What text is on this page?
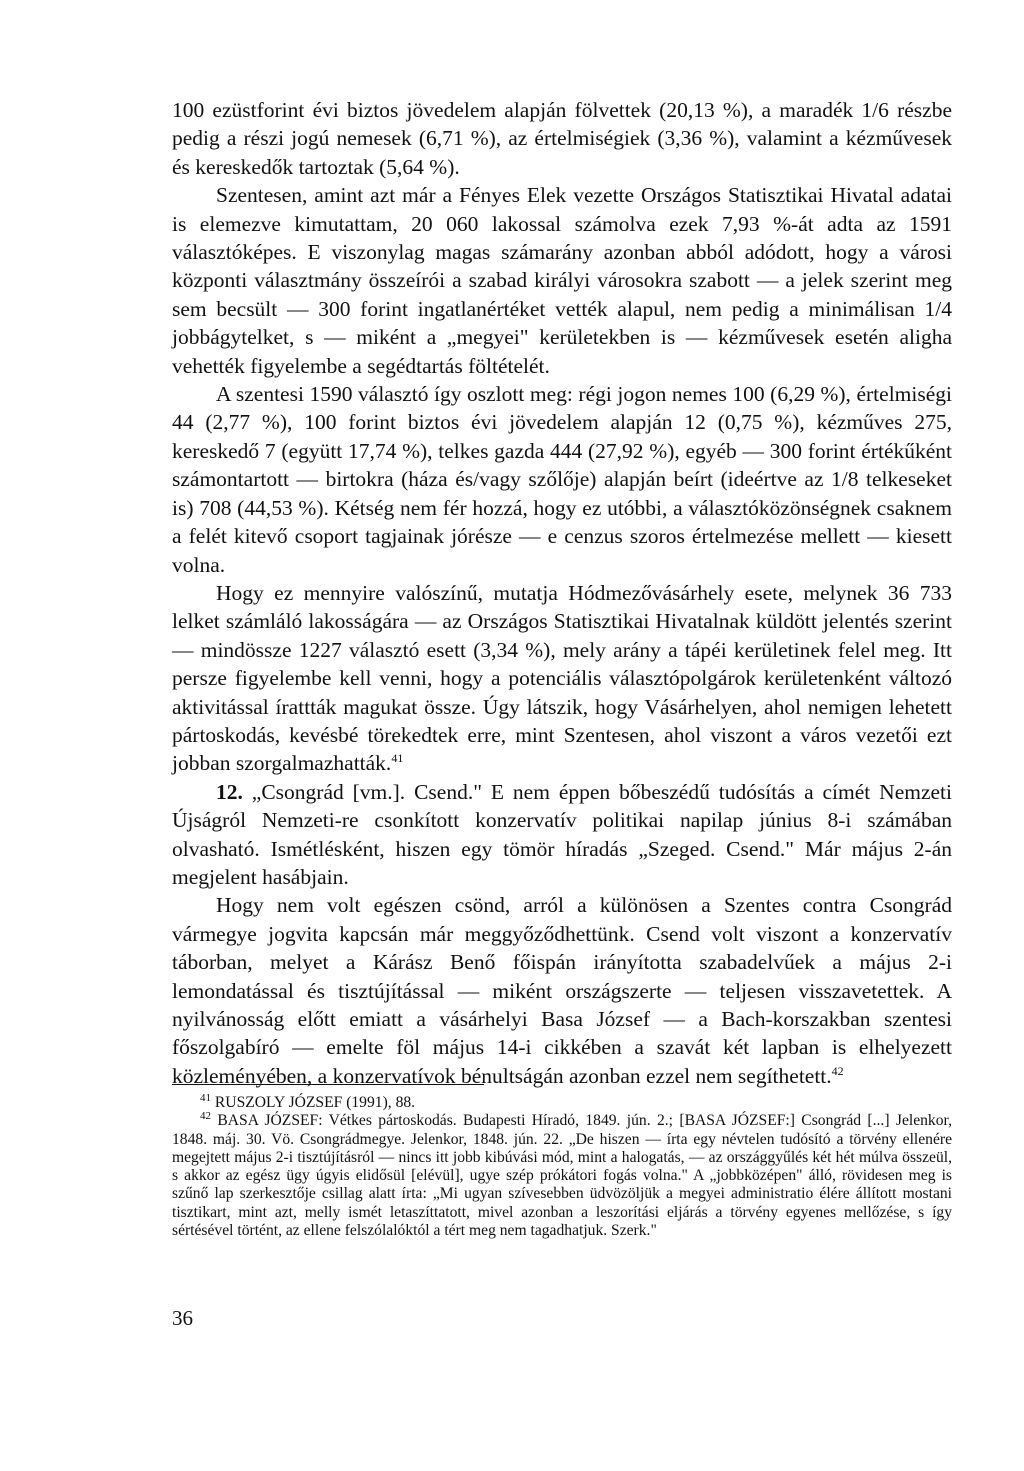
100 ezüstforint évi biztos jövedelem alapján fölvettek (20,13 %), a maradék 1/6 részbe pedig a részi jogú nemesek (6,71 %), az értelmiségiek (3,36 %), valamint a kézművesek és kereskedők tartoztak (5,64 %).

Szentesen, amint azt már a Fényes Elek vezette Országos Statisztikai Hivatal adatai is elemezve kimutattam, 20 060 lakossal számolva ezek 7,93 %-át adta az 1591 választóképes. E viszonylag magas számarány azonban abból adódott, hogy a városi központi választmány összeírói a szabad királyi városokra szabott — a jelek szerint meg sem becsült — 300 forint ingatlanértéket vették alapul, nem pedig a minimálisan 1/4 jobbágytelket, s — miként a „megyei" kerületekben is — kézművesek esetén aligha vehették figyelembe a segédtartás föltételét.

A szentesi 1590 választó így oszlott meg: régi jogon nemes 100 (6,29 %), értelmiségi 44 (2,77 %), 100 forint biztos évi jövedelem alapján 12 (0,75 %), kézműves 275, kereskedő 7 (együtt 17,74 %), telkes gazda 444 (27,92 %), egyéb — 300 forint értékűként számontartott — birtokra (háza és/vagy szőlője) alapján beírt (ideértve az 1/8 telkeseket is) 708 (44,53 %). Kétség nem fér hozzá, hogy ez utóbbi, a választóközönségnek csaknem a felét kitevő csoport tagjainak jórésze — e cenzus szoros értelmezése mellett — kiesett volna.

Hogy ez mennyire valószínű, mutatja Hódmezővásárhely esete, melynek 36 733 lelket számláló lakosságára — az Országos Statisztikai Hivatalnak küldött jelentés szerint — mindössze 1227 választó esett (3,34 %), mely arány a tápéi kerületinek felel meg. Itt persze figyelembe kell venni, hogy a potenciális választópolgárok kerületenként változó aktivitással írattták magukat össze. Úgy látszik, hogy Vásárhelyen, ahol nemigen lehetett pártoskodás, kevésbé törekedtek erre, mint Szentesen, ahol viszont a város vezetői ezt jobban szorgalmazhatták.$^{41}$

12. „Csongrád [vm.]. Csend." E nem éppen bőbeszédű tudósítás a címét Nemzeti Újságról Nemzeti-re csonkított konzervatív politikai napilap június 8-i számában olvasható. Ismétlésként, hiszen egy tömör híradás „Szeged. Csend." Már május 2-án megjelent hasábjain.

Hogy nem volt egészen csönd, arról a különösen a Szentes contra Csongrád vármegye jogvita kapcsán már meggyőződhettünk. Csend volt viszont a konzervatív táborban, melyet a Kárász Benő főispán irányította szabadelvűek a május 2-i lemondatással és tisztújítással — miként országszerte — teljesen visszavetettek. A nyilvánosság előtt emiatt a vásárhelyi Basa József — a Bach-korszakban szentesi főszolgabíró — emelte föl május 14-i cikkében a szavát két lapban is elhelyezett közleményében, a konzervatívok bénultságán azonban ezzel nem segíthetett.$^{42}$

$^{41}$ RUSZOLY JÓZSEF (1991), 88.

$^{42}$ BASA JÓZSEF: Vétkes pártoskodás. Budapesti Híradó, 1849. jún. 2.; [BASA JÓZSEF:] Csongrád [...] Jelenkor, 1848. máj. 30. Vö. Csongrádmegye. Jelenkor, 1848. jún. 22. „De hiszen — írta egy névtelen tudósító a törvény ellenére megejtett május 2-i tisztújításról — nincs itt jobb kibúvási mód, mint a halogatás, — az országgyűlés két hét múlva összeül, s akkor az egész ügy úgyis elidősül [elévül], ugye szép prókátori fogás volna." A „jobbközépen" álló, rövidesen meg is szűnő lap szerkesztője csillag alatt írta: „Mi ugyan szívesebben üdvözöljük a megyei administratio élére állított mostani tisztikart, mint azt, melly ismét letaszíttatott, mivel azonban a leszorítási eljárás a törvény egyenes mellőzése, s így sértésével történt, az ellene felszólalóktól a tért meg nem tagadhatjuk. Szerk."

36
